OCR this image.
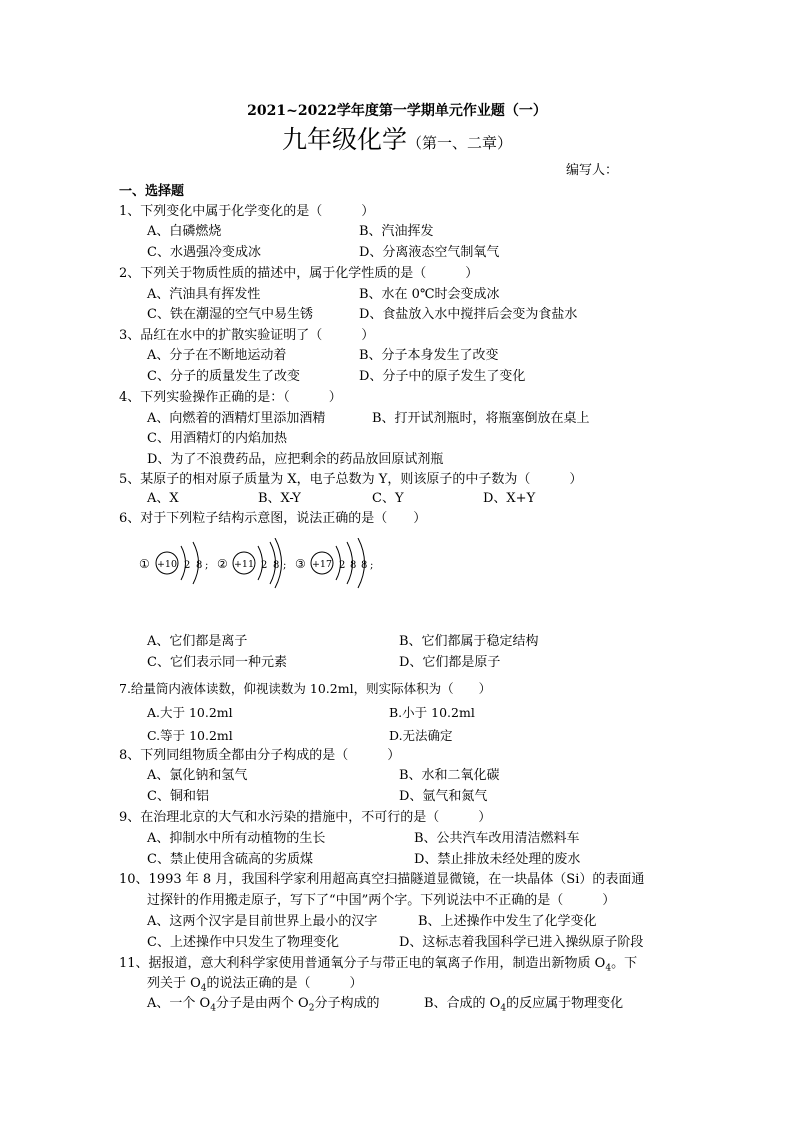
2021~2022学年度第一学期单元作业题（一）
九年级化学（第一、二章）
编写人：
一、选择题
1、下列变化中属于化学变化的是（　　　）
A、白磷燃烧	B、汽油挥发
C、水遇强冷变成冰	D、分离液态空气制氧气
2、下列关于物质性质的描述中，属于化学性质的是（　　　）
A、汽油具有挥发性	B、水在 0℃时会变成冰
C、铁在潮湿的空气中易生锈	D、食盐放入水中搅拌后会变为食盐水
3、品红在水中的扩散实验证明了（　　　）
A、分子在不断地运动着	B、分子本身发生了改变
C、分子的质量发生了改变	D、分子中的原子发生了变化
4、下列实验操作正确的是：（　　　）
A、向燃着的酒精灯里添加酒精	B、打开试剂瓶时，将瓶塞倒放在桌上
C、用酒精灯的内焰加热
D、为了不浪费药品，应把剩余的药品放回原试剂瓶
5、某原子的相对原子质量为 X，电子总数为 Y，则该原子的中子数为（　　　）
A、X	B、X-Y	C、Y	D、X+Y
6、对于下列粒子结构示意图，说法正确的是（　　）
① +10 2 8 ; ② +11 2 8 ; ③ +17 2 8 8 ;
A、它们都是离子	B、它们都属于稳定结构
C、它们表示同一种元素	D、它们都是原子
7.给量筒内液体读数，仰视读数为 10.2ml，则实际体积为（　　）
A.大于 10.2ml	B.小于 10.2ml
C.等于 10.2ml	D.无法确定
8、下列同组物质全都由分子构成的是（　　　）
A、氯化钠和氢气	B、水和二氧化碳
C、铜和铝	D、氩气和氮气
9、在治理北京的大气和水污染的措施中，不可行的是（　　　）
A、抑制水中所有动植物的生长	B、公共汽车改用清洁燃料车
C、禁止使用含硫高的劣质煤	D、禁止排放未经处理的废水
10、1993 年 8 月，我国科学家利用超高真空扫描隧道显微镜，在一块晶体（Si）的表面通
过探针的作用搬走原子，写下了“中国”两个字。下列说法中不正确的是（　　　）
A、这两个汉字是目前世界上最小的汉字	B、上述操作中发生了化学变化
C、上述操作中只发生了物理变化	D、这标志着我国科学已进入操纵原子阶段
11、据报道，意大利科学家使用普通氧分子与带正电的氧离子作用，制造出新物质 $O_4$。下
列关于 $O_4$的说法正确的是（　　　）
A、一个 $O_4$分子是由两个 $O_2$分子构成的	B、合成的 $O_4$的反应属于物理变化
